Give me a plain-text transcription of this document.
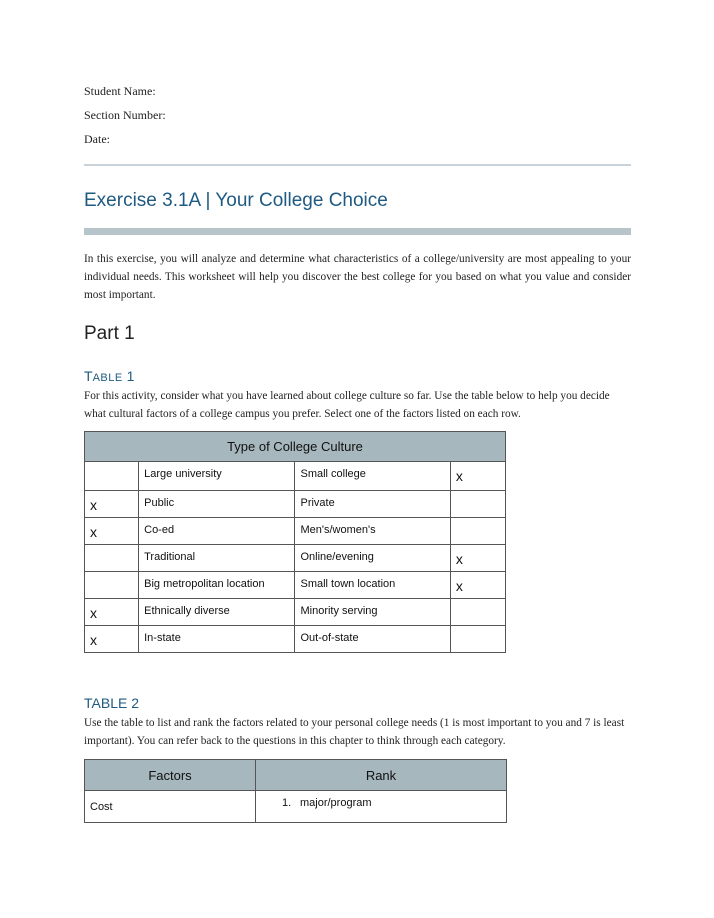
Student Name:
Section Number:
Date:
Exercise 3.1A | Your College Choice
In this exercise, you will analyze and determine what characteristics of a college/university are most appealing to your individual needs. This worksheet will help you discover the best college for you based on what you value and consider most important.
Part 1
TABLE 1
For this activity, consider what you have learned about college culture so far. Use the table below to help you decide what cultural factors of a college campus you prefer. Select one of the factors listed on each row.
Type of College Culture			
	Large university	Small college	x
x	Public	Private	
x	Co-ed	Men's/women's	
	Traditional	Online/evening	x
	Big metropolitan location	Small town location	x
x	Ethnically diverse	Minority serving	
x	In-state	Out-of-state	
TABLE 2
Use the table to list and rank the factors related to your personal college needs (1 is most important to you and 7 is least important). You can refer back to the questions in this chapter to think through each category.
Factors	Rank
Cost	1. major/program
